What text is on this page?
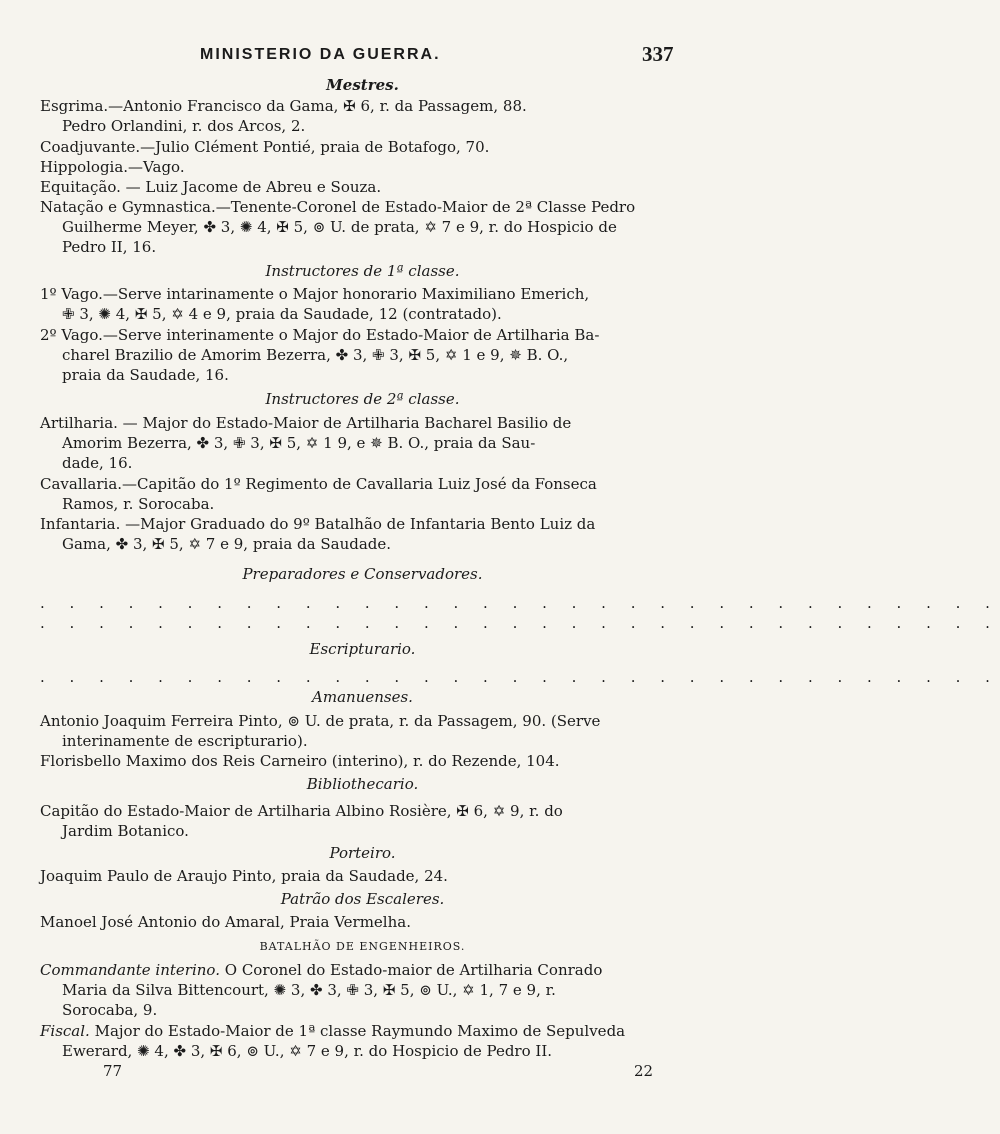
MINISTERIO DA GUERRA.	337
Mestres.
Esgrima.—Antonio Francisco da Gama, ✠ 6, r. da Passagem, 88.
Pedro Orlandini, r. dos Arcos, 2.
Coadjuvante.—Julio Clément Pontié, praia de Botafogo, 70.
Hippologia.—Vago.
Equitação. — Luiz Jacome de Abreu e Souza.
Natação e Gymnastica.—Tenente-Coronel de Estado-Maior de 2ª Classe Pedro
Guilherme Meyer, ✤ 3, ✺ 4, ✠ 5, ⊚ U. de prata, ✡ 7 e 9, r. do Hospicio de
Pedro II, 16.
Instructores de 1ª classe.
1º Vago.—Serve intarinamente o Major honorario Maximiliano Emerich,
✙ 3, ✺ 4, ✠ 5, ✡ 4 e 9, praia da Saudade, 12 (contratado).
2º Vago.—Serve interinamente o Major do Estado-Maior de Artilharia Ba-
charel Brazilio de Amorim Bezerra, ✤ 3, ✙ 3, ✠ 5, ✡ 1 e 9, ✵ B. O.,
praia da Saudade, 16.
Instructores de 2ª classe.
Artilharia. — Major do Estado-Maior de Artilharia Bacharel Basilio de
Amorim Bezerra, ✤ 3, ✙ 3, ✠ 5, ✡ 1 9, e ✵ B. O., praia da Sau-
dade, 16.
Cavallaria.—Capitão do 1º Regimento de Cavallaria Luiz José da Fonseca
Ramos, r. Sorocaba.
Infantaria. —Major Graduado do 9º Batalhão de Infantaria Bento Luiz da
Gama, ✤ 3, ✠ 5, ✡ 7 e 9, praia da Saudade.
Preparadores e Conservadores.
. . . . . . . . . . . . . . . . . . . . . . . . . . . . . . . . .
. . . . . . . . . . . . . . . . . . . . . . . . . . . . . . . . .
Escripturario.
. . . . . . . . . . . . . . . . . . . . . . . . . . . . . . . . .
Amanuenses.
Antonio Joaquim Ferreira Pinto, ⊚ U. de prata, r. da Passagem, 90. (Serve
interinamente de escripturario).
Florisbello Maximo dos Reis Carneiro (interino), r. do Rezende, 104.
Bibliothecario.
Capitão do Estado-Maior de Artilharia Albino Rosière, ✠ 6, ✡ 9, r. do
Jardim Botanico.
Porteiro.
Joaquim Paulo de Araujo Pinto, praia da Saudade, 24.
Patrão dos Escaleres.
Manoel José Antonio do Amaral, Praia Vermelha.
BATALHÃO DE ENGENHEIROS.
Commandante interino. O Coronel do Estado-maior de Artilharia Conrado
Maria da Silva Bittencourt, ✺ 3, ✤ 3, ✙ 3, ✠ 5, ⊚ U., ✡ 1, 7 e 9, r.
Sorocaba, 9.
Fiscal. Major do Estado-Maior de 1ª classe Raymundo Maximo de Sepulveda
Ewerard, ✺ 4, ✤ 3, ✠ 6, ⊚ U., ✡ 7 e 9, r. do Hospicio de Pedro II.
77	22
